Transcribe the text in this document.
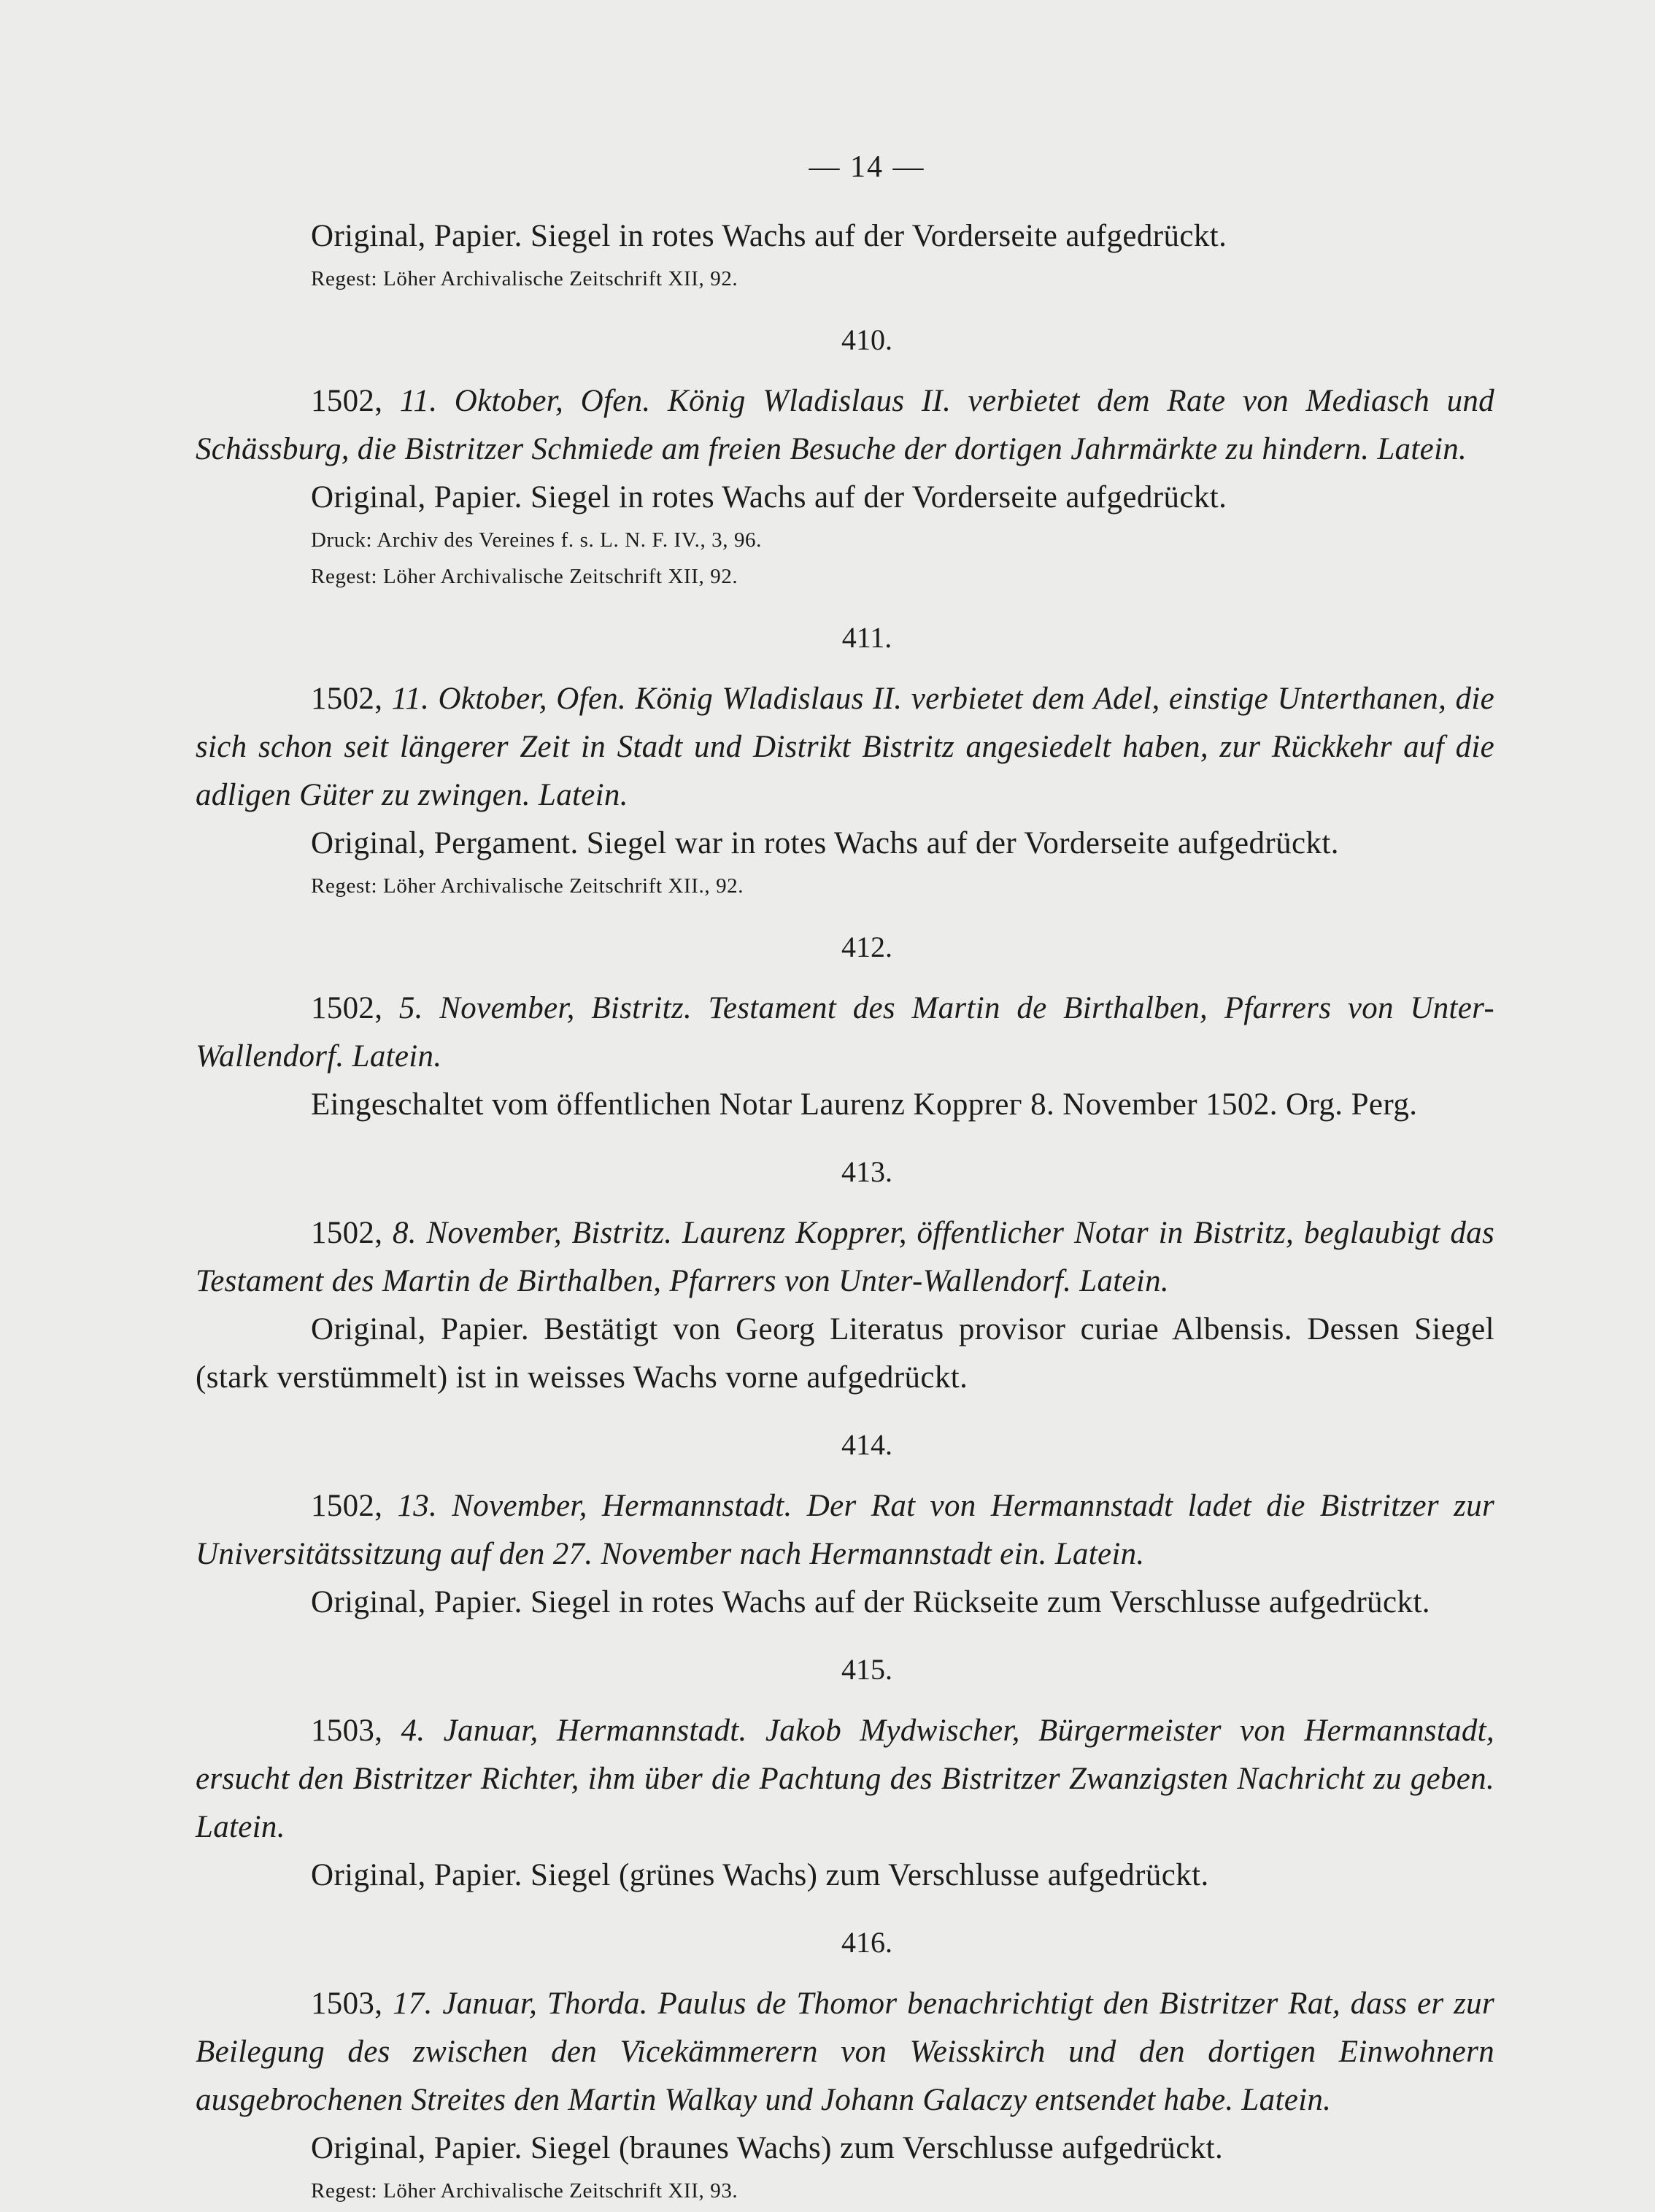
— 14 —
Original, Papier. Siegel in rotes Wachs auf der Vorderseite aufgedrückt.
Regest: Löher Archivalische Zeitschrift XII, 92.
410.
1502, 11. Oktober, Ofen. König Wladislaus II. verbietet dem Rate von Mediasch und Schässburg, die Bistritzer Schmiede am freien Besuche der dortigen Jahrmärkte zu hindern. Latein.
Original, Papier. Siegel in rotes Wachs auf der Vorderseite aufgedrückt.
Druck: Archiv des Vereines f. s. L. N. F. IV., 3, 96.
Regest: Löher Archivalische Zeitschrift XII, 92.
411.
1502, 11. Oktober, Ofen. König Wladislaus II. verbietet dem Adel, einstige Unterthanen, die sich schon seit längerer Zeit in Stadt und Distrikt Bistritz angesiedelt haben, zur Rückkehr auf die adligen Güter zu zwingen. Latein.
Original, Pergament. Siegel war in rotes Wachs auf der Vorderseite aufgedrückt.
Regest: Löher Archivalische Zeitschrift XII., 92.
412.
1502, 5. November, Bistritz. Testament des Martin de Birthalben, Pfarrers von Unter-Wallendorf. Latein.
Eingeschaltet vom öffentlichen Notar Laurenz Koppreг 8. November 1502. Org. Perg.
413.
1502, 8. November, Bistritz. Laurenz Kopprer, öffentlicher Notar in Bistritz, beglaubigt das Testament des Martin de Birthalben, Pfarrers von Unter-Wallendorf. Latein.
Original, Papier. Bestätigt von Georg Literatus provisor curiae Albensis. Dessen Siegel (stark verstümmelt) ist in weisses Wachs vorne aufgedrückt.
414.
1502, 13. November, Hermannstadt. Der Rat von Hermannstadt ladet die Bistritzer zur Universitätssitzung auf den 27. November nach Hermannstadt ein. Latein.
Original, Papier. Siegel in rotes Wachs auf der Rückseite zum Verschlusse aufgedrückt.
415.
1503, 4. Januar, Hermannstadt. Jakob Mydwischer, Bürgermeister von Hermannstadt, ersucht den Bistritzer Richter, ihm über die Pachtung des Bistritzer Zwanzigsten Nachricht zu geben. Latein.
Original, Papier. Siegel (grünes Wachs) zum Verschlusse aufgedrückt.
416.
1503, 17. Januar, Thorda. Paulus de Thomor benachrichtigt den Bistritzer Rat, dass er zur Beilegung des zwischen den Vicekämmerern von Weisskirch und den dortigen Einwohnern ausgebrochenen Streites den Martin Walkay und Johann Galaczy entsendet habe. Latein.
Original, Papier. Siegel (braunes Wachs) zum Verschlusse aufgedrückt.
Regest: Löher Archivalische Zeitschrift XII, 93.
